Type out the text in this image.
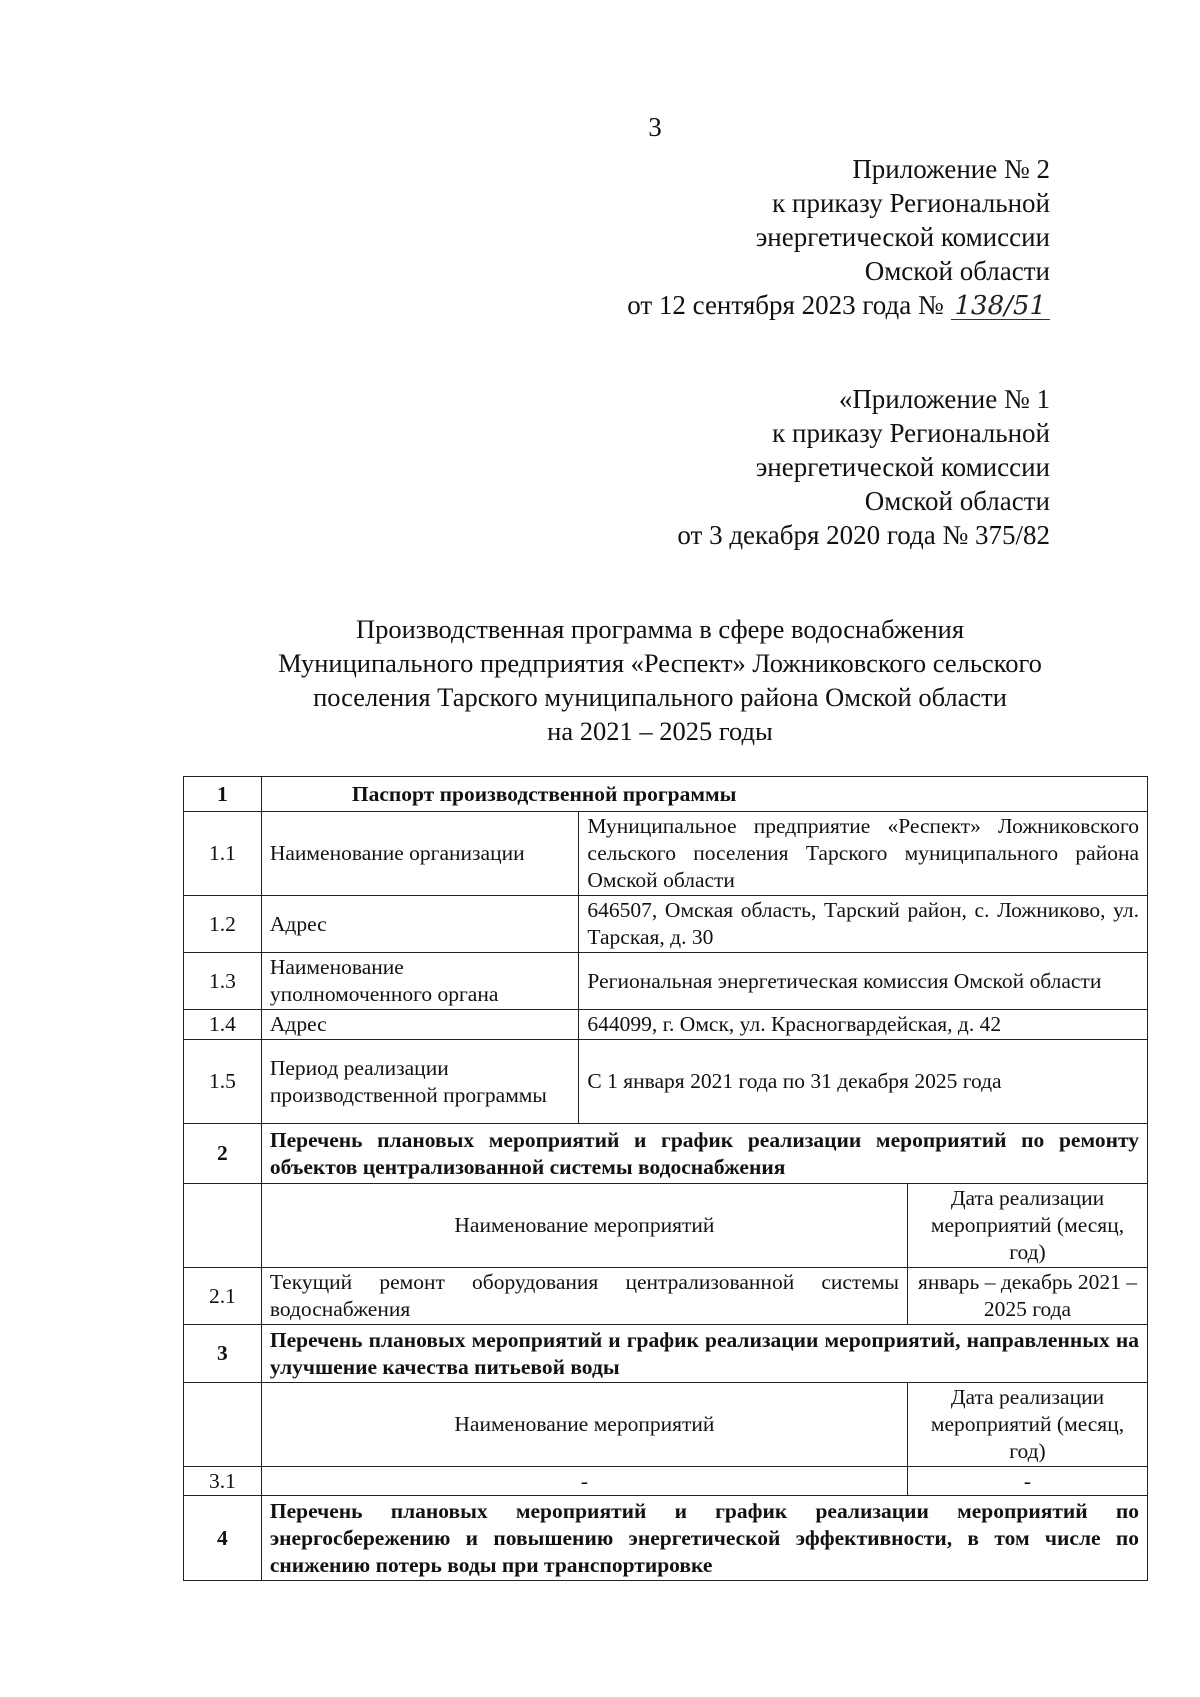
3
Приложение № 2
к приказу Региональной
энергетической комиссии
Омской области
от 12 сентября 2023 года № 138/51
«Приложение № 1
к приказу Региональной
энергетической комиссии
Омской области
от 3 декабря 2020 года № 375/82
Производственная программа в сфере водоснабжения
Муниципального предприятия «Респект» Ложниковского сельского
поселения Тарского муниципального района Омской области
на 2021 – 2025 годы
1	Паспорт производственной программы		
1.1	Наименование организации	Муниципальное предприятие «Респект» Ложниковского сельского поселения Тарского муниципального района Омской области	
1.2	Адрес	646507, Омская область, Тарский район, с. Ложниково, ул. Тарская, д. 30	
1.3	Наименование уполномоченного органа	Региональная энергетическая комиссия Омской области	
1.4	Адрес	644099, г. Омск, ул. Красногвардейская, д. 42	
1.5	Период реализации производственной программы	С 1 января 2021 года по 31 декабря 2025 года	
2	Перечень плановых мероприятий и график реализации мероприятий по ремонту объектов централизованной системы водоснабжения		
	Наименование мероприятий		Дата реализации мероприятий (месяц, год)
2.1	Текущий ремонт оборудования централизованной системы водоснабжения		январь – декабрь 2021 – 2025 года
3	Перечень плановых мероприятий и график реализации мероприятий, направленных на улучшение качества питьевой воды		
	Наименование мероприятий		Дата реализации мероприятий (месяц, год)
3.1	-		-
4	Перечень плановых мероприятий и график реализации мероприятий по энергосбережению и повышению энергетической эффективности, в том числе по снижению потерь воды при транспортировке		
